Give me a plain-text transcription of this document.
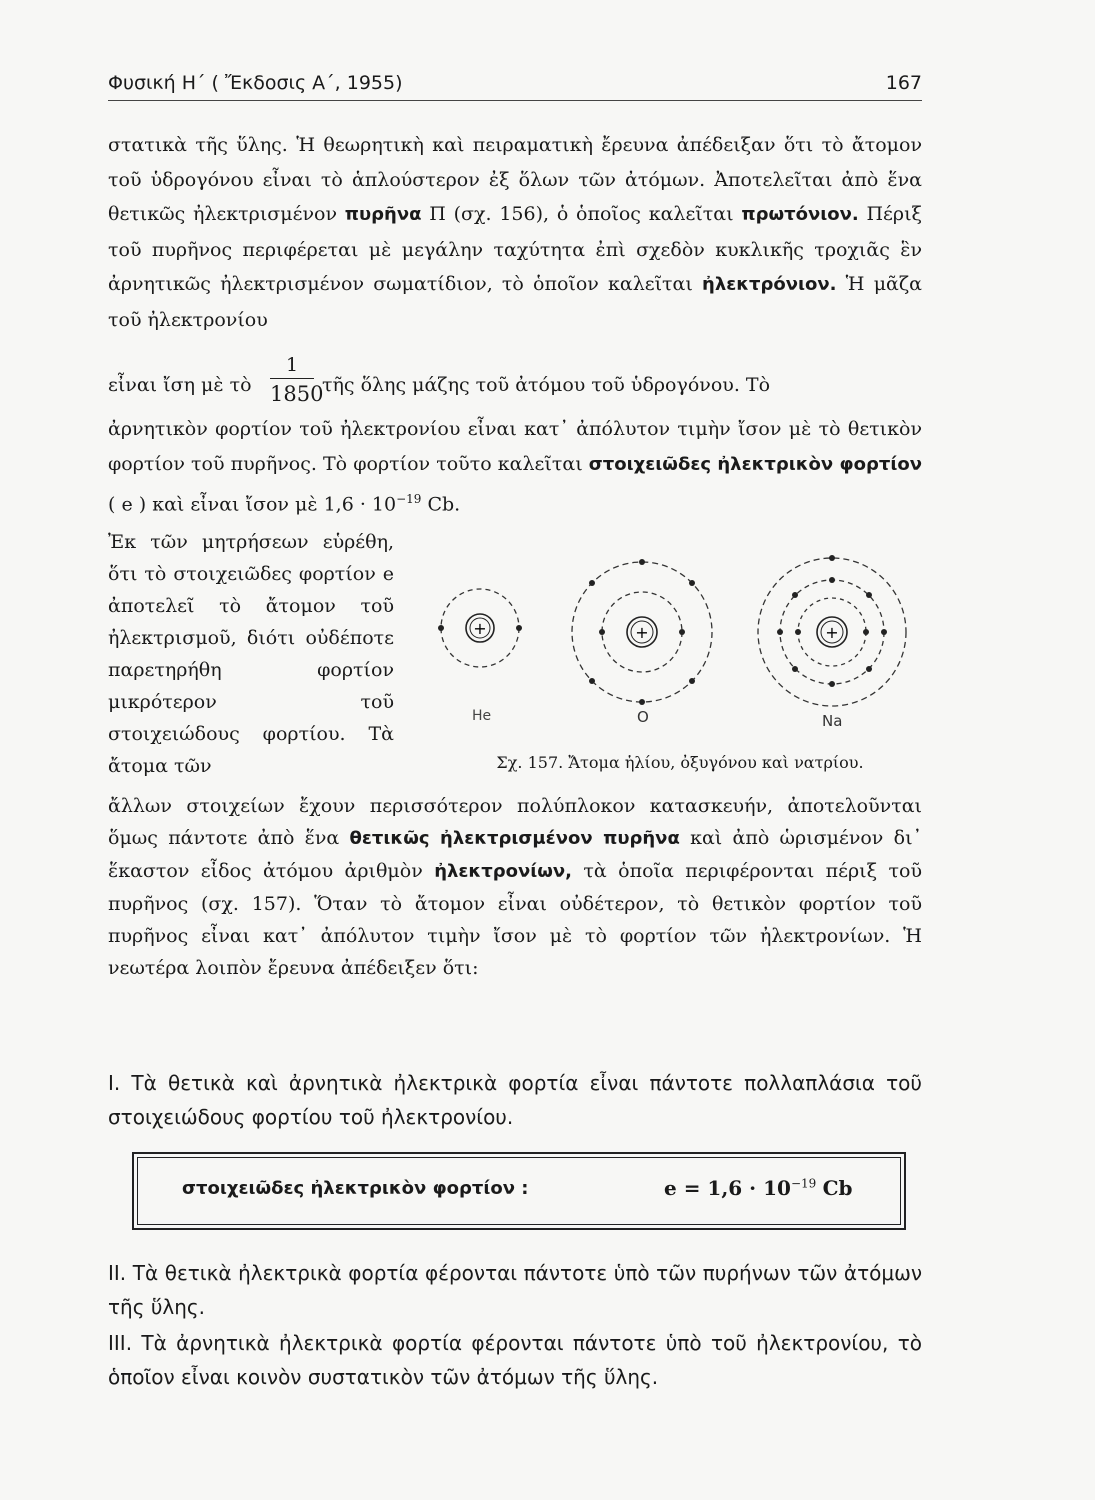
Φυσική Η΄ ( Ἔκδοσις Α΄, 1955)	167
στατικὰ τῆς ὕλης. Ἡ θεωρητικὴ καὶ πειραματικὴ ἔρευνα ἀπέδειξαν ὅτι τὸ ἄτομον τοῦ ὑδρογόνου εἶναι τὸ ἁπλούστερον ἐξ ὅλων τῶν ἀτόμων. Ἀποτελεῖται ἀπὸ ἕνα θετικῶς ἠλεκτρισμένον πυρῆνα Π (σχ. 156), ὁ ὁποῖος καλεῖται πρωτόνιον. Πέριξ τοῦ πυρῆνος περιφέρεται μὲ μεγάλην ταχύτητα ἐπὶ σχεδὸν κυκλικῆς τροχιᾶς ἓν ἀρνητικῶς ἠλεκτρισμένον σωματίδιον, τὸ ὁποῖον καλεῖται ἠλεκτρόνιον. Ἡ μᾶζα τοῦ ἠλεκτρονίου
εἶναι ἴση μὲ τὸ $\frac{1}{1850}$ τῆς ὅλης μάζης τοῦ ἀτόμου τοῦ ὑδρογόνου. Τὸ
ἀρνητικὸν φορτίον τοῦ ἠλεκτρονίου εἶναι κατ᾽ ἀπόλυτον τιμὴν ἴσον μὲ τὸ θετικὸν φορτίον τοῦ πυρῆνος. Τὸ φορτίον τοῦτο καλεῖται στοιχειῶδες ἠλεκτρικὸν φορτίον ( e ) καὶ εἶναι ἴσον μὲ $1,6 \cdot 10^{-19}$ Cb.
Ἐκ τῶν μητρήσεων εὑρέθη, ὅτι τὸ στοιχειῶδες φορτίον e ἀποτελεῖ τὸ ἄτομον τοῦ ἠλεκτρισμοῦ, διότι οὐδέποτε παρετηρήθη φορτίον μικρότερον τοῦ στοιχειώδους φορτίου. Τὰ ἄτομα τῶν
+
He
+
O
+
Na
Σχ. 157. Ἄτομα ἡλίου, ὀξυγόνου καὶ νατρίου.
ἄλλων στοιχείων ἔχουν περισσότερον πολύπλοκον κατασκευήν, ἀποτελοῦνται ὅμως πάντοτε ἀπὸ ἕνα θετικῶς ἠλεκτρισμένον πυρῆνα καὶ ἀπὸ ὡρισμένον δι᾽ ἕκαστον εἶδος ἀτόμου ἀριθμὸν ἠλεκτρονίων, τὰ ὁποῖα περιφέρονται πέριξ τοῦ πυρῆνος (σχ. 157). Ὅταν τὸ ἄτομον εἶναι οὐδέτερον, τὸ θετικὸν φορτίον τοῦ πυρῆνος εἶναι κατ᾽ ἀπόλυτον τιμὴν ἴσον μὲ τὸ φορτίον τῶν ἠλεκτρονίων. Ἡ νεωτέρα λοιπὸν ἔρευνα ἀπέδειξεν ὅτι:
Ι. Τὰ θετικὰ καὶ ἀρνητικὰ ἠλεκτρικὰ φορτία εἶναι πάντοτε πολλαπλάσια τοῦ στοιχειώδους φορτίου τοῦ ἠλεκτρονίου.
στοιχειῶδες ἠλεκτρικὸν φορτίον :	$e = 1,6 \cdot 10^{-19}$ Cb
ΙΙ. Τὰ θετικὰ ἠλεκτρικὰ φορτία φέρονται πάντοτε ὑπὸ τῶν πυρήνων τῶν ἀτόμων τῆς ὕλης.
ΙΙΙ. Τὰ ἀρνητικὰ ἠλεκτρικὰ φορτία φέρονται πάντοτε ὑπὸ τοῦ ἠλεκτρονίου, τὸ ὁποῖον εἶναι κοινὸν συστατικὸν τῶν ἀτόμων τῆς ὕλης.
